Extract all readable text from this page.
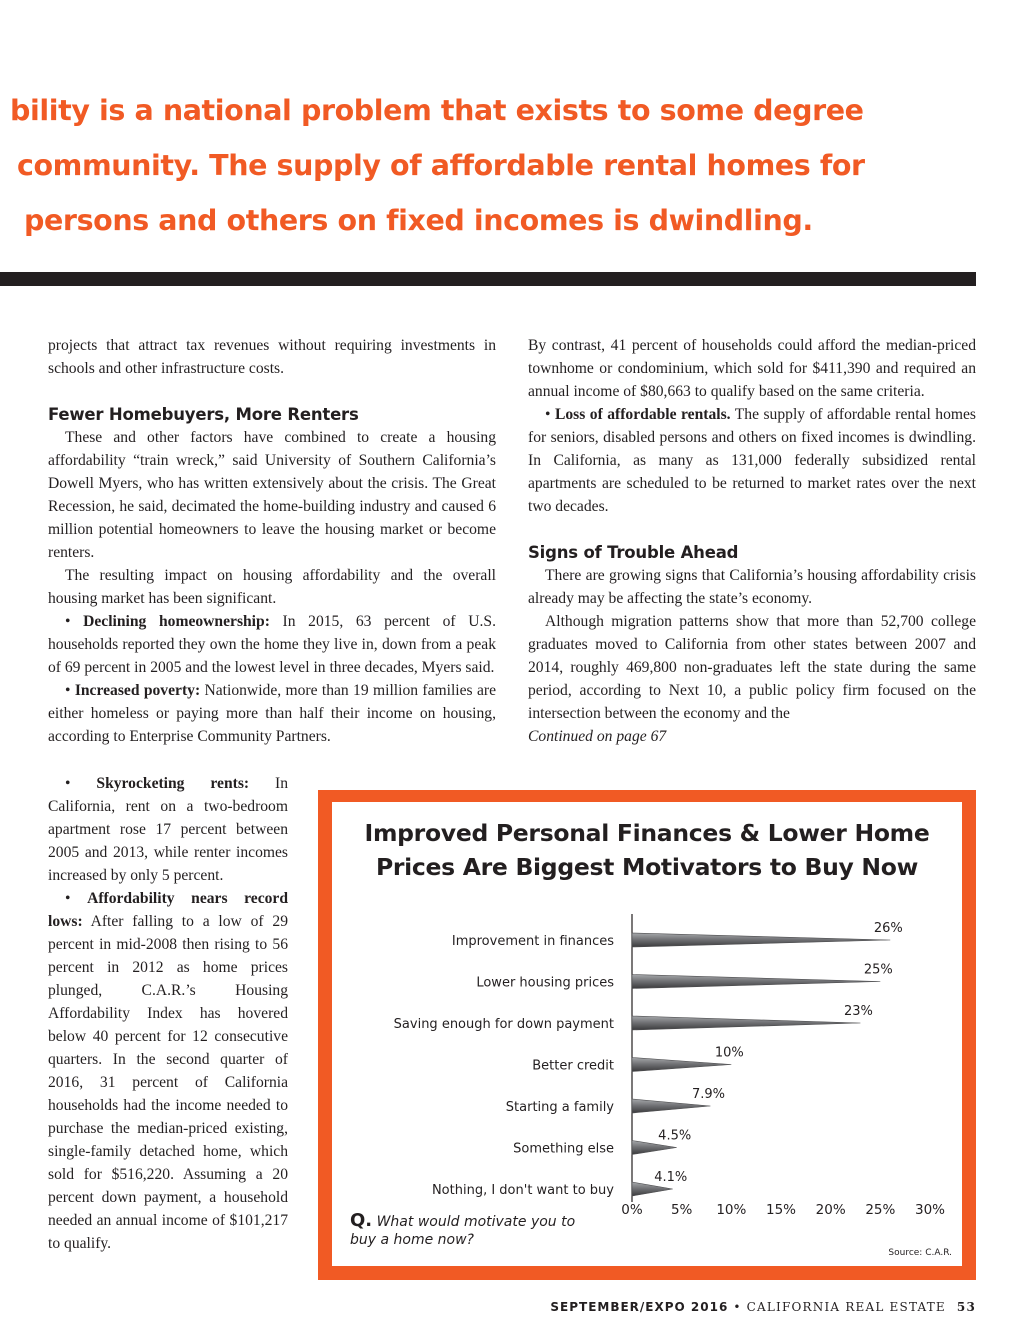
bility is a national problem that exists to some degree

community. The supply of affordable rental homes for

persons and others on fixed incomes is dwindling.

projects that attract tax revenues without requiring investments in schools and other infrastructure costs.

Fewer Homebuyers, More Renters

These and other factors have combined to create a housing affordability “train wreck,” said University of Southern California’s Dowell Myers, who has written extensively about the crisis. The Great Recession, he said, decimated the home-building industry and caused 6 million potential homeowners to leave the housing market or become renters.

The resulting impact on housing affordability and the overall housing market has been significant.

• Declining homeownership: In 2015, 63 percent of U.S. households reported they own the home they live in, down from a peak of 69 percent in 2005 and the lowest level in three decades, Myers said.

• Increased poverty: Nationwide, more than 19 million families are either homeless or paying more than half their income on housing, according to Enterprise Community Partners.

• Skyrocketing rents: In California, rent on a two-bedroom apartment rose 17 percent between 2005 and 2013, while renter incomes increased by only 5 percent.

• Affordability nears record lows: After falling to a low of 29 percent in mid-2008 then rising to 56 percent in 2012 as home prices plunged, C.A.R.’s Housing Affordability Index has hovered below 40 percent for 12 consecutive quarters. In the second quarter of 2016, 31 percent of California households had the income needed to purchase the median-priced existing, single-family detached home, which sold for $516,220. Assuming a 20 percent down payment, a household needed an annual income of $101,217 to qualify.

By contrast, 41 percent of households could afford the median-priced townhome or condominium, which sold for $411,390 and required an annual income of $80,663 to qualify based on the same criteria.

• Loss of affordable rentals. The supply of affordable rental homes for seniors, disabled persons and others on fixed incomes is dwindling. In California, as many as 131,000 federally subsidized rental apartments are scheduled to be returned to market rates over the next two decades.

Signs of Trouble Ahead

There are growing signs that California’s housing affordability crisis already may be affecting the state’s economy.

Although migration patterns show that more than 52,700 college graduates moved to California from other states between 2007 and 2014, roughly 469,800 non-graduates left the state during the same period, according to Next 10, a public policy firm focused on the intersection between the economy and the

Continued on page 67

Improved Personal Finances & Lower Home
Prices Are Biggest Motivators to Buy Now
Improvement in finances
26%
Lower housing prices
25%
Saving enough for down payment
23%
Better credit
10%
Starting a family
7.9%
Something else
4.5%
Nothing, I don't want to buy
4.1%
0% 5% 10% 15% 20% 25% 30%
Q. What would motivate you to buy a home now?
Source: C.A.R.
SEPTEMBER/EXPO 2016 • CALIFORNIA REAL ESTATE 53
